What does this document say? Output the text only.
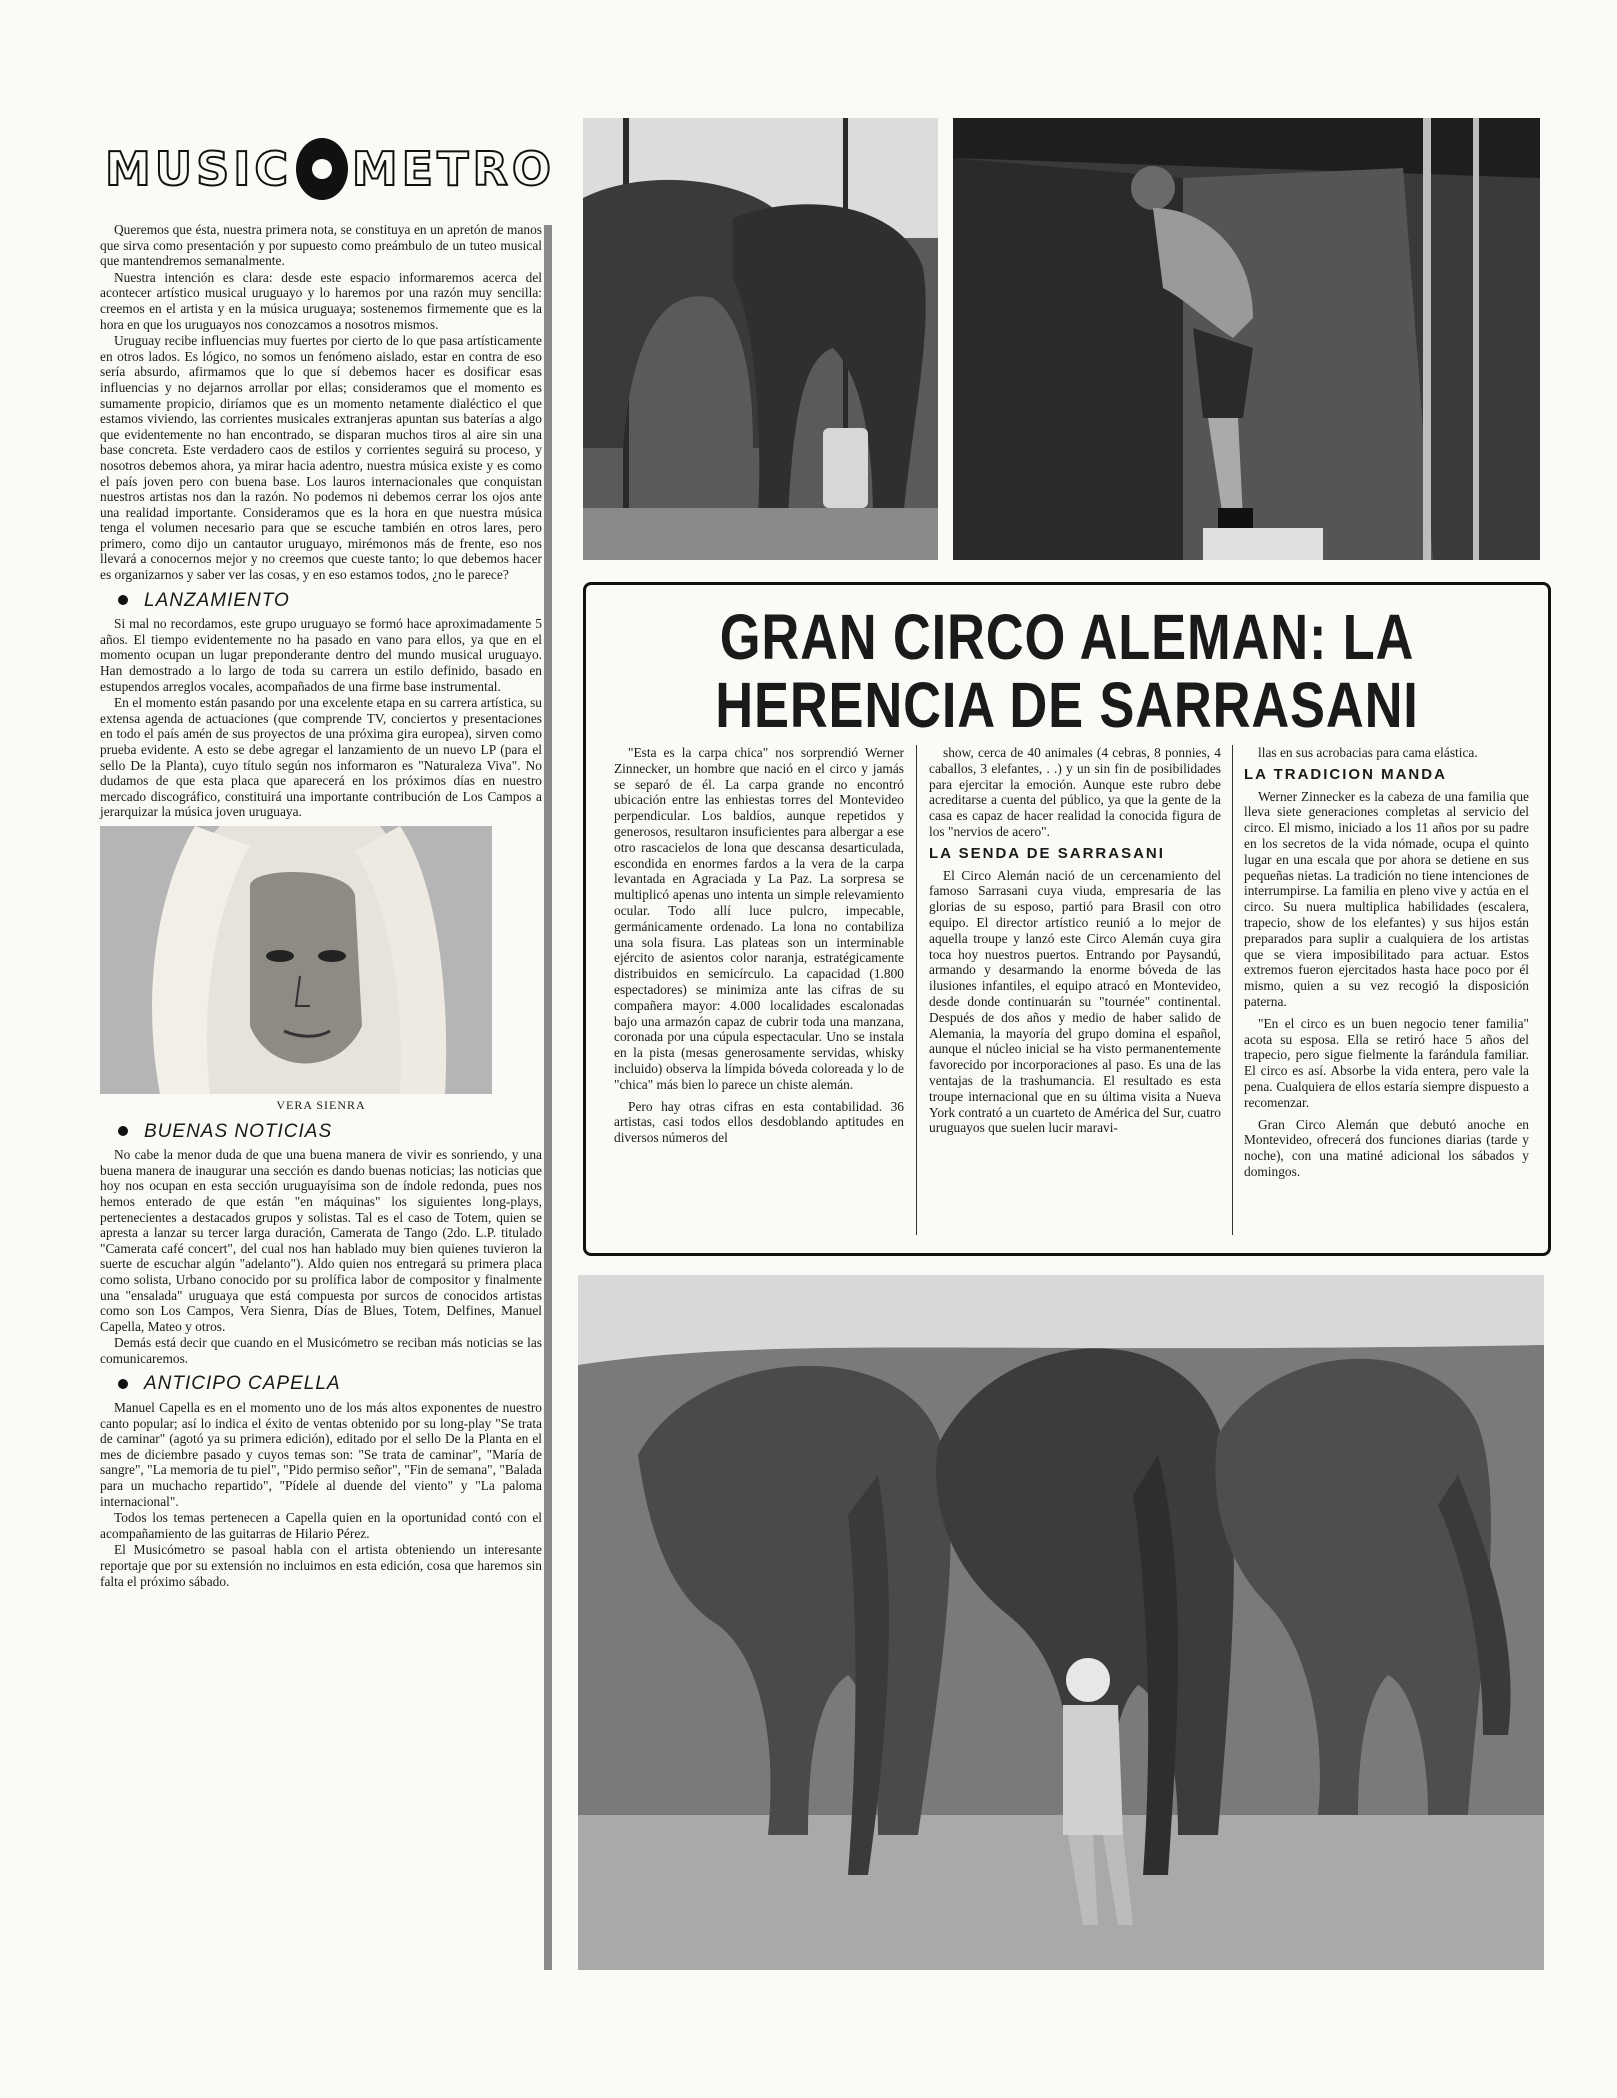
MUSIC METRO

Queremos que ésta, nuestra primera nota, se constituya en un apretón de manos que sirva como presentación y por supuesto como preámbulo de un tuteo musical que mantendremos semanalmente.

Nuestra intención es clara: desde este espacio informaremos acerca del acontecer artístico musical uruguayo y lo haremos por una razón muy sencilla: creemos en el artista y en la música uruguaya; sostenemos firmemente que es la hora en que los uruguayos nos conozcamos a nosotros mismos.

Uruguay recibe influencias muy fuertes por cierto de lo que pasa artísticamente en otros lados. Es lógico, no somos un fenómeno aislado, estar en contra de eso sería absurdo, afirmamos que lo que sí debemos hacer es dosificar esas influencias y no dejarnos arrollar por ellas; consideramos que el momento es sumamente propicio, diríamos que es un momento netamente dialéctico el que estamos viviendo, las corrientes musicales extranjeras apuntan sus baterías a algo que evidentemente no han encontrado, se disparan muchos tiros al aire sin una base concreta. Este verdadero caos de estilos y corrientes seguirá su proceso, y nosotros debemos ahora, ya mirar hacia adentro, nuestra música existe y es como el país joven pero con buena base. Los lauros internacionales que conquistan nuestros artistas nos dan la razón. No podemos ni debemos cerrar los ojos ante una realidad importante. Consideramos que es la hora en que nuestra música tenga el volumen necesario para que se escuche también en otros lares, pero primero, como dijo un cantautor uruguayo, mirémonos más de frente, eso nos llevará a conocernos mejor y no creemos que cueste tanto; lo que debemos hacer es organizarnos y saber ver las cosas, y en eso estamos todos, ¿no le parece?

LANZAMIENTO

Si mal no recordamos, este grupo uruguayo se formó hace aproximadamente 5 años. El tiempo evidentemente no ha pasado en vano para ellos, ya que en el momento ocupan un lugar preponderante dentro del mundo musical uruguayo. Han demostrado a lo largo de toda su carrera un estilo definido, basado en estupendos arreglos vocales, acompañados de una firme base instrumental.

En el momento están pasando por una excelente etapa en su carrera artística, su extensa agenda de actuaciones (que comprende TV, conciertos y presentaciones en todo el país amén de sus proyectos de una próxima gira europea), sirven como prueba evidente. A esto se debe agregar el lanzamiento de un nuevo LP (para el sello De la Planta), cuyo título según nos informaron es "Naturaleza Viva". No dudamos de que esta placa que aparecerá en los próximos días en nuestro mercado discográfico, constituirá una importante contribución de Los Campos a jerarquizar la música joven uruguaya.

VERA SIENRA
BUENAS NOTICIAS

No cabe la menor duda de que una buena manera de vivir es sonriendo, y una buena manera de inaugurar una sección es dando buenas noticias; las noticias que hoy nos ocupan en esta sección uruguayísima son de índole redonda, pues nos hemos enterado de que están "en máquinas" los siguientes long-plays, pertenecientes a destacados grupos y solistas. Tal es el caso de Totem, quien se apresta a lanzar su tercer larga duración, Camerata de Tango (2do. L.P. titulado "Camerata café concert", del cual nos han hablado muy bien quienes tuvieron la suerte de escuchar algún "adelanto"). Aldo quien nos entregará su primera placa como solista, Urbano conocido por su prolífica labor de compositor y finalmente una "ensalada" uruguaya que está compuesta por surcos de conocidos artistas como son Los Campos, Vera Sienra, Días de Blues, Totem, Delfines, Manuel Capella, Mateo y otros.

Demás está decir que cuando en el Musicómetro se reciban más noticias se las comunicaremos.

ANTICIPO CAPELLA

Manuel Capella es en el momento uno de los más altos exponentes de nuestro canto popular; así lo indica el éxito de ventas obtenido por su long-play "Se trata de caminar" (agotó ya su primera edición), editado por el sello De la Planta en el mes de diciembre pasado y cuyos temas son: "Se trata de caminar", "María de sangre", "La memoria de tu piel", "Pido permiso señor", "Fin de semana", "Balada para un muchacho repartido", "Pídele al duende del viento" y "La paloma internacional".

Todos los temas pertenecen a Capella quien en la oportunidad contó con el acompañamiento de las guitarras de Hilario Pérez.

El Musicómetro se pasoal habla con el artista obteniendo un interesante reportaje que por su extensión no incluimos en esta edición, cosa que haremos sin falta el próximo sábado.

GRAN CIRCO ALEMAN: LA
HERENCIA DE SARRASANI

"Esta es la carpa chica" nos sorprendió Werner Zinnecker, un hombre que nació en el circo y jamás se separó de él. La carpa grande no encontró ubicación entre las enhiestas torres del Montevideo perpendicular. Los baldíos, aunque repetidos y generosos, resultaron insuficientes para albergar a ese otro rascacielos de lona que descansa desarticulada, escondida en enormes fardos a la vera de la carpa levantada en Agraciada y La Paz. La sorpresa se multiplicó apenas uno intenta un simple relevamiento ocular. Todo allí luce pulcro, impecable, germánicamente ordenado. La lona no contabiliza una sola fisura. Las plateas son un interminable ejército de asientos color naranja, estratégicamente distribuidos en semicírculo. La capacidad (1.800 espectadores) se minimiza ante las cifras de su compañera mayor: 4.000 localidades escalonadas bajo una armazón capaz de cubrir toda una manzana, coronada por una cúpula espectacular. Uno se instala en la pista (mesas generosamente servidas, whisky incluido) observa la límpida bóveda coloreada y lo de "chica" más bien lo parece un chiste alemán.

Pero hay otras cifras en esta contabilidad. 36 artistas, casi todos ellos desdoblando aptitudes en diversos números del

show, cerca de 40 animales (4 cebras, 8 ponnies, 4 caballos, 3 elefantes, . .) y un sin fin de posibilidades para ejercitar la emoción. Aunque este rubro debe acreditarse a cuenta del público, ya que la gente de la casa es capaz de hacer realidad la conocida figura de los "nervios de acero".

LA SENDA DE SARRASANI

El Circo Alemán nació de un cercenamiento del famoso Sarrasani cuya viuda, empresaria de las glorias de su esposo, partió para Brasil con otro equipo. El director artístico reunió a lo mejor de aquella troupe y lanzó este Circo Alemán cuya gira toca hoy nuestros puertos. Entrando por Paysandú, armando y desarmando la enorme bóveda de las ilusiones infantiles, el equipo atracó en Montevideo, desde donde continuarán su "tournée" continental. Después de dos años y medio de haber salido de Alemania, la mayoría del grupo domina el español, aunque el núcleo inicial se ha visto permanentemente favorecido por incorporaciones al paso. Es una de las ventajas de la trashumancia. El resultado es esta troupe internacional que en su última visita a Nueva York contrató a un cuarteto de América del Sur, cuatro uruguayos que suelen lucir maravi-

llas en sus acrobacias para cama elástica.

LA TRADICION MANDA

Werner Zinnecker es la cabeza de una familia que lleva siete generaciones completas al servicio del circo. El mismo, iniciado a los 11 años por su padre en los secretos de la vida nómade, ocupa el quinto lugar en una escala que por ahora se detiene en sus pequeñas nietas. La tradición no tiene intenciones de interrumpirse. La familia en pleno vive y actúa en el circo. Su nuera multiplica habilidades (escalera, trapecio, show de los elefantes) y sus hijos están preparados para suplir a cualquiera de los artistas que se viera imposibilitado para actuar. Estos extremos fueron ejercitados hasta hace poco por él mismo, quien a su vez recogió la disposición paterna.

"En el circo es un buen negocio tener familia" acota su esposa. Ella se retiró hace 5 años del trapecio, pero sigue fielmente la farándula familiar. El circo es así. Absorbe la vida entera, pero vale la pena. Cualquiera de ellos estaría siempre dispuesto a recomenzar.

Gran Circo Alemán que debutó anoche en Montevideo, ofrecerá dos funciones diarias (tarde y noche), con una matiné adicional los sábados y domingos.
